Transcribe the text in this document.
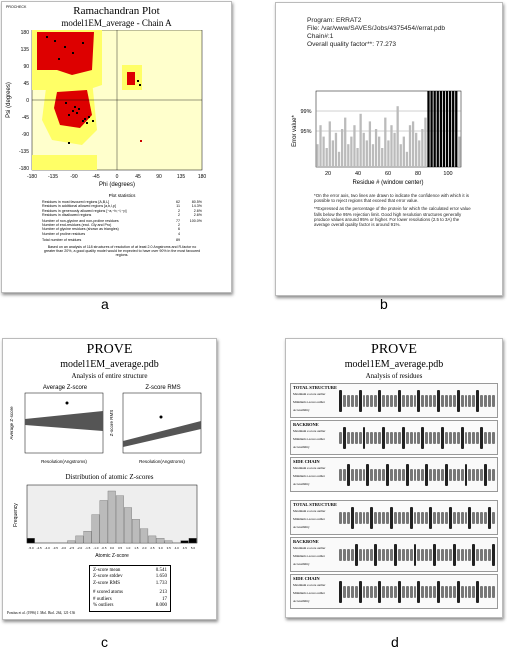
PROCHECK	Ramachandran Plot
model1EM_average - Chain A
-180 -135 -90	-45	0	45	90	135	180
180
135
90
45
0
-45
-90
-135
-180
Phi (degrees)
Psi (degrees)
Plot statistics
Residues in most favoured regions [A,B,L]	62	80.5%
Residues in additional allowed regions [a,b,l,p]	11	14.3%
Residues in generously allowed regions [~a,~b,~l,~p]	2	2.6%
Residues in disallowed regions	2	2.6%
Number of non-glycine and non-proline residues	77	100.0%
Number of end-residues (excl. Gly and Pro)	2
Number of glycine residues (shown as triangles)	6
Number of proline residues	4
Total number of residues	89
Based on an analysis of 118 structures of resolution of at least 2.0 Angstroms and R-factor no greater than 20%, a good quality model would be expected to have over 90% in the most favoured regions.
a
Program: ERRAT2
File: /var/www/SAVES/Jobs/4375454//errat.pdb
Chain#:1
Overall quality factor**: 77.273
Error value*
99%
95%
20	40	60	80	100
Residue # (window center)
*On the error axis, two lines are drawn to indicate the confidence with which it is possible to reject regions that exceed that error value.
**Expressed as the percentage of the protein for which the calculated error value falls below the 95% rejection limit. Good high resolution structures generally produce values around 95% or higher. For lower resolutions (2.5 to 3A) the average overall quality factor is around 91%.
b
PROVE
model1EM_average.pdb
Analysis of entire structure
Average Z-score
Average Z-score
Resolution(Angstroms)
Z-score RMS
Z-score RMS
Resolution(Angstroms)
Distribution of atomic Z-scores
-5.0 -4.5 -4.0 -3.5 -3.0 -2.5 -2.0 -1.5 -1.0 -0.5 0.0 0.5 1.0 1.5 2.0 2.5 3.0 3.5 4.0 4.5 5.0
Frequency
Atomic Z-score
Z-score mean	0.541
Z-score stddev	1.650
Z-score RMS	1.733
# scored atoms	213
# outliers	17
% outliers	8.000
Pontius et al. (1996) J. Mol. Biol. 264, 121-136
c
PROVE
model1EM_average.pdb
Analysis of residues
TOTAL STRUCTURE
Maximum z-score outlier
Minimum z-score outlier
Accessibility
BACKBONE
Maximum z-score outlier
Minimum z-score outlier
Accessibility
SIDE CHAIN
Maximum z-score outlier
Minimum z-score outlier
Accessibility
TOTAL STRUCTURE
Maximum z-score outlier
Minimum z-score outlier
Accessibility
BACKBONE
Maximum z-score outlier
Minimum z-score outlier
Accessibility
SIDE CHAIN
Maximum z-score outlier
Minimum z-score outlier
Accessibility
d
